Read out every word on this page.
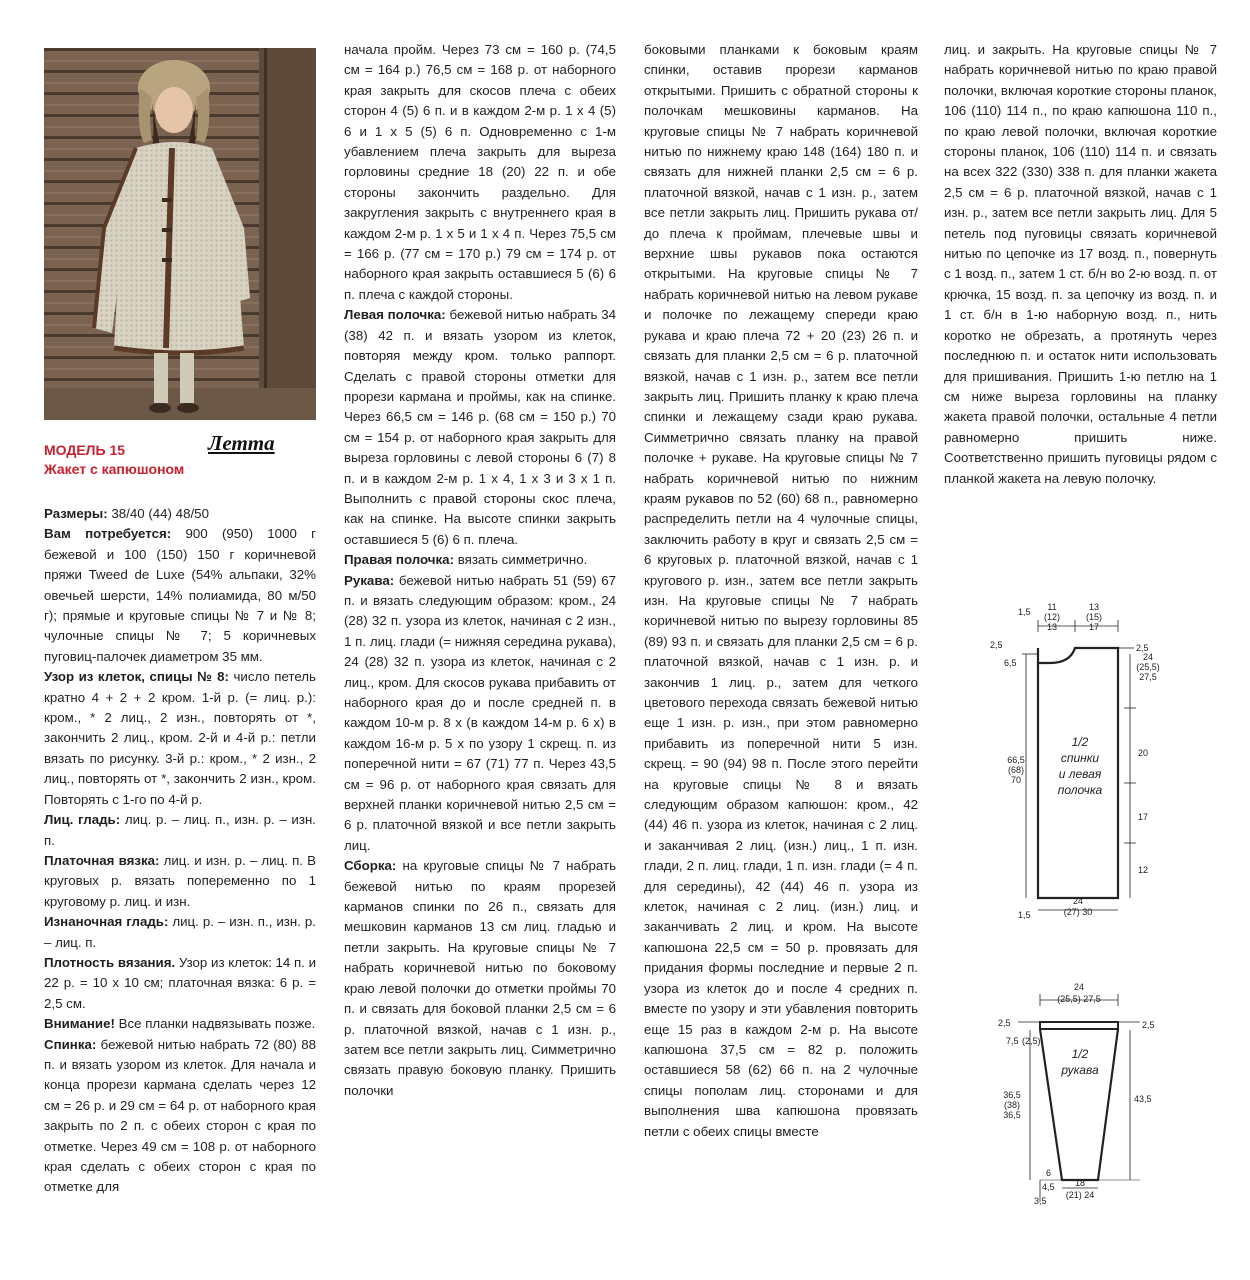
МОДЕЛЬ 15
Жакет с капюшоном
Летта

Размеры: 38/40 (44) 48/50

Вам потребуется: 900 (950) 1000 г бежевой и 100 (150) 150 г коричневой пряжи Tweed de Luxe (54% альпаки, 32% овечьей шерсти, 14% полиамида, 80 м/50 г); прямые и круговые спицы № 7 и № 8; чулочные спицы № 7; 5 коричневых пуговиц-палочек диаметром 35 мм.

Узор из клеток, спицы № 8: число петель кратно 4 + 2 + 2 кром. 1-й р. (= лиц. р.): кром., * 2 лиц., 2 изн., повторять от *, закончить 2 лиц., кром. 2-й и 4-й р.: петли вязать по рисунку. 3-й р.: кром., * 2 изн., 2 лиц., повторять от *, закончить 2 изн., кром. Повторять с 1-го по 4-й р.

Лиц. гладь: лиц. р. – лиц. п., изн. р. – изн. п.

Платочная вязка: лиц. и изн. р. – лиц. п. В круговых р. вязать попеременно по 1 круговому р. лиц. и изн.

Изнаночная гладь: лиц. р. – изн. п., изн. р. – лиц. п.

Плотность вязания. Узор из клеток: 14 п. и 22 р. = 10 х 10 см; платочная вязка: 6 р. = 2,5 см.

Внимание! Все планки надвязывать позже.

Спинка: бежевой нитью набрать 72 (80) 88 п. и вязать узором из клеток. Для начала и конца прорези кармана сделать через 12 см = 26 р. и 29 см = 64 р. от наборного края закрыть по 2 п. с обеих сторон с края по отметке. Через 49 см = 108 р. от наборного края сделать с обеих сторон с края по отметке для

начала пройм. Через 73 см = 160 р. (74,5 см = 164 р.) 76,5 см = 168 р. от наборного края закрыть для скосов плеча с обеих сторон 4 (5) 6 п. и в каждом 2-м р. 1 х 4 (5) 6 и 1 х 5 (5) 6 п. Одновременно с 1-м убавлением плеча закрыть для выреза горловины средние 18 (20) 22 п. и обе стороны закончить раздельно. Для закругления закрыть с внутреннего края в каждом 2-м р. 1 х 5 и 1 х 4 п. Через 75,5 см = 166 р. (77 см = 170 р.) 79 см = 174 р. от наборного края закрыть оставшиеся 5 (6) 6 п. плеча с каждой стороны.

Левая полочка: бежевой нитью набрать 34 (38) 42 п. и вязать узором из клеток, повторяя между кром. только раппорт. Сделать с правой стороны отметки для прорези кармана и проймы, как на спинке. Через 66,5 см = 146 р. (68 см = 150 р.) 70 см = 154 р. от наборного края закрыть для выреза горловины с левой стороны 6 (7) 8 п. и в каждом 2-м р. 1 х 4, 1 х 3 и 3 х 1 п. Выполнить с правой стороны скос плеча, как на спинке. На высоте спинки закрыть оставшиеся 5 (6) 6 п. плеча.

Правая полочка: вязать симметрично.

Рукава: бежевой нитью набрать 51 (59) 67 п. и вязать следующим образом: кром., 24 (28) 32 п. узора из клеток, начиная с 2 изн., 1 п. лиц. глади (= нижняя середина рукава), 24 (28) 32 п. узора из клеток, начиная с 2 лиц., кром. Для скосов рукава прибавить от наборного края до и после средней п. в каждом 10-м р. 8 х (в каждом 14-м р. 6 х) в каждом 16-м р. 5 х по узору 1 скрещ. п. из поперечной нити = 67 (71) 77 п. Через 43,5 см = 96 р. от наборного края связать для верхней планки коричневой нитью 2,5 см = 6 р. платочной вязкой и все петли закрыть лиц.

Сборка: на круговые спицы № 7 набрать бежевой нитью по краям прорезей карманов спинки по 26 п., связать для мешковин карманов 13 см лиц. гладью и петли закрыть. На круговые спицы № 7 набрать коричневой нитью по боковому краю левой полочки до отметки проймы 70 п. и связать для боковой планки 2,5 см = 6 р. платочной вязкой, начав с 1 изн. р., затем все петли закрыть лиц. Симметрично связать правую боковую планку. Пришить полочки

боковыми планками к боковым краям спинки, оставив прорези карманов открытыми. Пришить с обратной стороны к полочкам мешковины карманов. На круговые спицы № 7 набрать коричневой нитью по нижнему краю 148 (164) 180 п. и связать для нижней планки 2,5 см = 6 р. платочной вязкой, начав с 1 изн. р., затем все петли закрыть лиц. Пришить рукава от/до плеча к проймам, плечевые швы и верхние швы рукавов пока остаются открытыми. На круговые спицы № 7 набрать коричневой нитью на левом рукаве и полочке по лежащему спереди краю рукава и краю плеча 72 + 20 (23) 26 п. и связать для планки 2,5 см = 6 р. платочной вязкой, начав с 1 изн. р., затем все петли закрыть лиц. Пришить планку к краю плеча спинки и лежащему сзади краю рукава. Симметрично связать планку на правой полочке + рукаве. На круговые спицы № 7 набрать коричневой нитью по нижним краям рукавов по 52 (60) 68 п., равномерно распределить петли на 4 чулочные спицы, заключить работу в круг и связать 2,5 см = 6 круговых р. платочной вязкой, начав с 1 кругового р. изн., затем все петли закрыть изн. На круговые спицы № 7 набрать коричневой нитью по вырезу горловины 85 (89) 93 п. и связать для планки 2,5 см = 6 р. платочной вязкой, начав с 1 изн. р. и закончив 1 лиц. р., затем для четкого цветового перехода связать бежевой нитью еще 1 изн. р. изн., при этом равномерно прибавить из поперечной нити 5 изн. скрещ. = 90 (94) 98 п. После этого перейти на круговые спицы № 8 и вязать следующим образом капюшон: кром., 42 (44) 46 п. узора из клеток, начиная с 2 лиц. и заканчивая 2 лиц. (изн.) лиц., 1 п. изн. глади, 2 п. лиц. глади, 1 п. изн. глади (= 4 п. для середины), 42 (44) 46 п. узора из клеток, начиная с 2 лиц. (изн.) лиц. и заканчивать 2 лиц. и кром. На высоте капюшона 22,5 см = 50 р. провязать для придания формы последние и первые 2 п. узора из клеток до и после 4 средних п. вместе по узору и эти убавления повторить еще 15 раз в каждом 2-м р. На высоте капюшона 37,5 см = 82 р. положить оставшиеся 58 (62) 66 п. на 2 чулочные спицы пополам лиц. сторонами и для выполнения шва капюшона провязать петли с обеих спицы вместе

лиц. и закрыть. На круговые спицы № 7 набрать коричневой нитью по краю правой полочки, включая короткие стороны планок, 106 (110) 114 п., по краю капюшона 110 п., по краю левой полочки, включая короткие стороны планок, 106 (110) 114 п. и связать на всех 322 (330) 338 п. для планки жакета 2,5 см = 6 р. платочной вязкой, начав с 1 изн. р., затем все петли закрыть лиц. Для 5 петель под пуговицы связать коричневой нитью по цепочке из 17 возд. п., повернуть с 1 возд. п., затем 1 ст. б/н во 2-ю возд. п. от крючка, 15 возд. п. за цепочку из возд. п. и 1 ст. б/н в 1-ю наборную возд. п., нить коротко не обрезать, а протянуть через последнюю п. и остаток нити использовать для пришивания. Пришить 1-ю петлю на 1 см ниже выреза горловины на планку жакета правой полочки, остальные 4 петли равномерно пришить ниже. Соответственно пришить пуговицы рядом с планкой жакета на левую полочку.

1,5 11
(12)
13
13
(15)
17
2,5	2,5
6,5
66,5
(68)
70
24
(25,5)
27,5
20
17
12
1/2
спинки
и левая
полочка
1,5
24
(27) 30
24
(25,5) 27,5
2,5	2,5
7,5 (2,5)
1/2
рукава
36,5
(38)
36,5
43,5
6
4,5
3,5
18
(21) 24
